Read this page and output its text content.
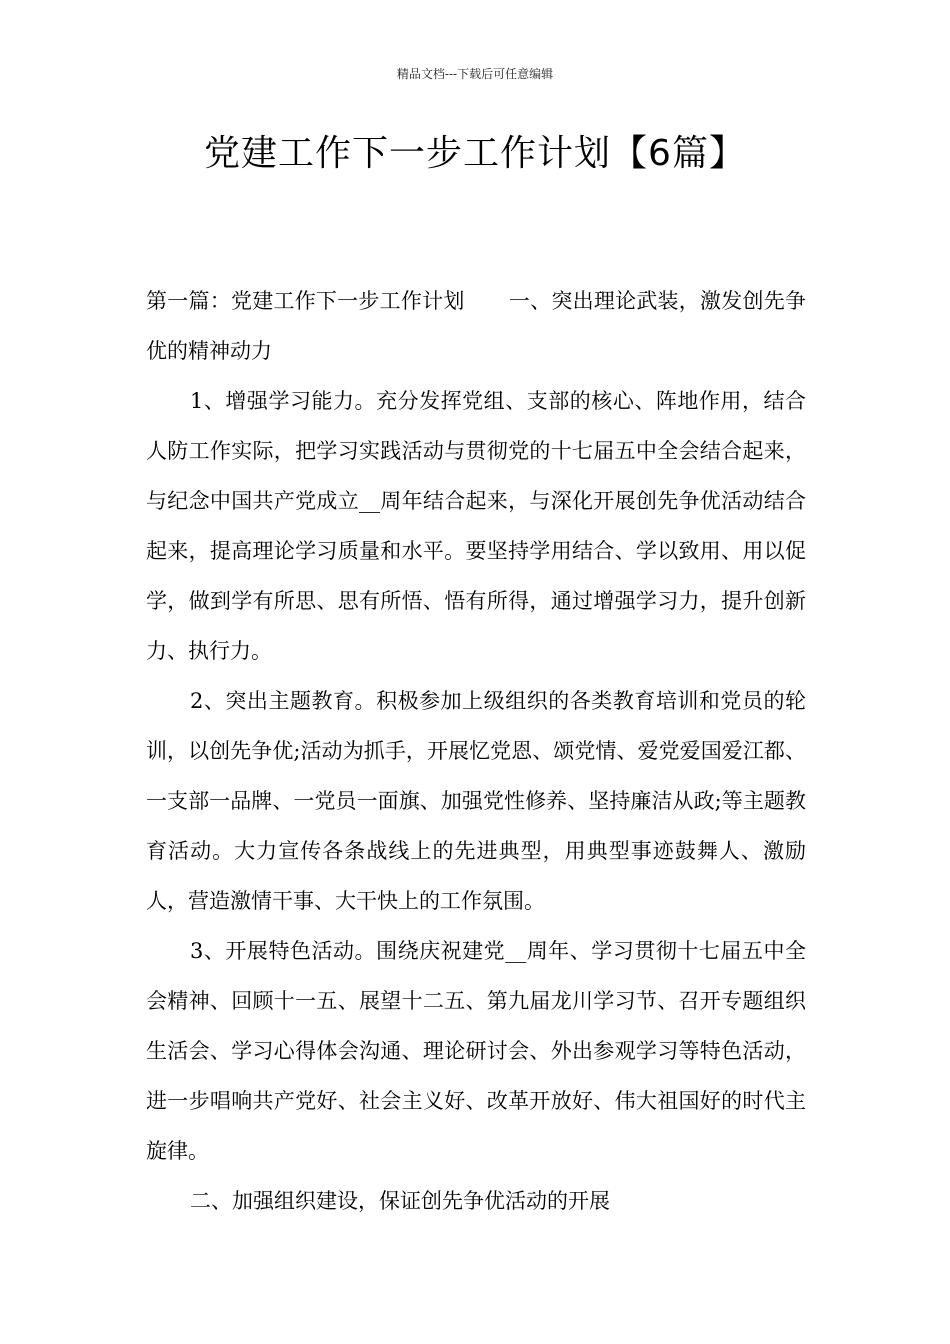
精品文档---下载后可任意编辑
党建工作下一步工作计划【6篇】

第一篇：党建工作下一步工作计划 一、突出理论武装，激发创先争优的精神动力

1、增强学习能力。充分发挥党组、支部的核心、阵地作用，结合人防工作实际，把学习实践活动与贯彻党的十七届五中全会结合起来，与纪念中国共产党成立__周年结合起来，与深化开展创先争优活动结合起来，提高理论学习质量和水平。要坚持学用结合、学以致用、用以促学，做到学有所思、思有所悟、悟有所得，通过增强学习力，提升创新力、执行力。

2、突出主题教育。积极参加上级组织的各类教育培训和党员的轮训，以创先争优;活动为抓手，开展忆党恩、颂党情、爱党爱国爱江都、一支部一品牌、一党员一面旗、加强党性修养、坚持廉洁从政;等主题教育活动。大力宣传各条战线上的先进典型，用典型事迹鼓舞人、激励人，营造激情干事、大干快上的工作氛围。

3、开展特色活动。围绕庆祝建党__周年、学习贯彻十七届五中全会精神、回顾十一五、展望十二五、第九届龙川学习节、召开专题组织生活会、学习心得体会沟通、理论研讨会、外出参观学习等特色活动，进一步唱响共产党好、社会主义好、改革开放好、伟大祖国好的时代主旋律。

二、加强组织建设，保证创先争优活动的开展
